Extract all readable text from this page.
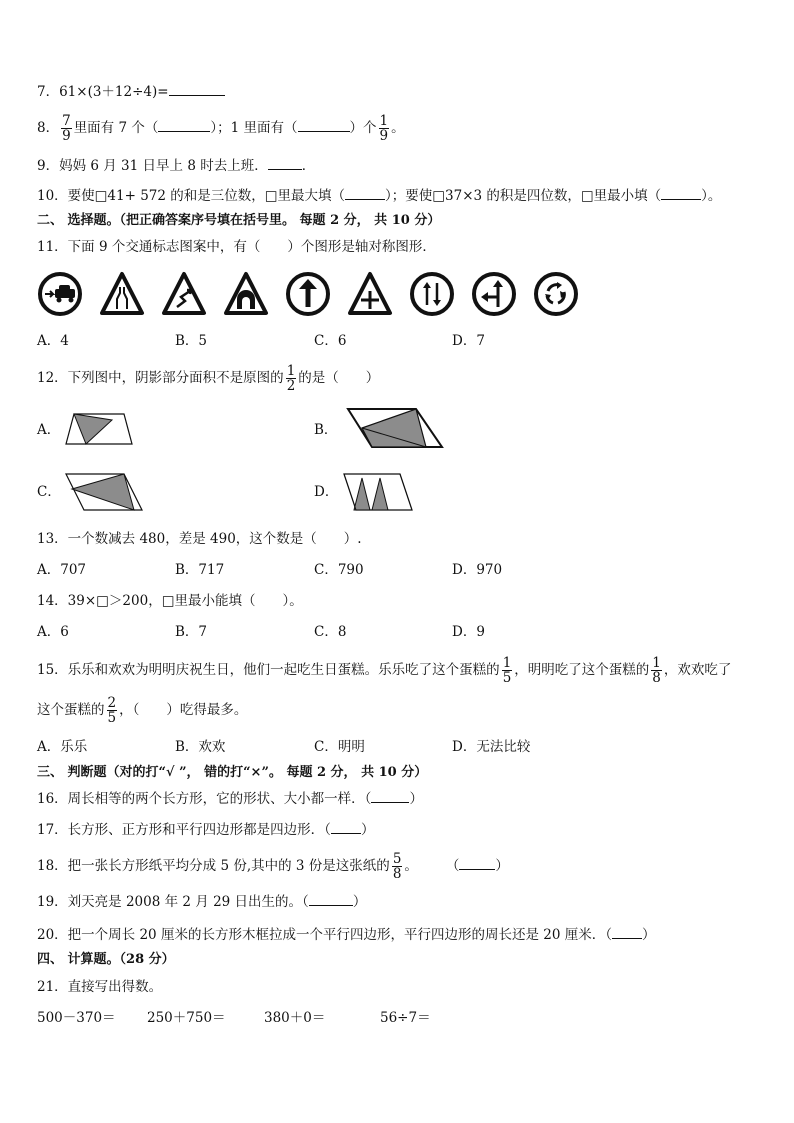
7．61×(3＋12÷4)=
8． $\frac{7}{9}$ 里面有 7 个（	）；1 里面有（	）个 $\frac{1}{9}$ 。
9．妈妈 6 月 31 日早上 8 时去上班．	．
10．要使□41+ 572 的和是三位数，□里最大填（	）；要使□37×3 的积是四位数，□里最小填（	）。
二、 选择题。（把正确答案序号填在括号里。 每题 2 分， 共 10 分）
11．下面 9 个交通标志图案中，有（　　）个图形是轴对称图形．
A．4	B．5	C．6	D．7
12．下列图中，阴影部分面积不是原图的 $\frac{1}{2}$ 的是（　　）
A．	B．
C．	D．
13．一个数减去 480，差是 490，这个数是（　　）.
A．707	B．717	C．790	D．970
14．39×□＞200，□里最小能填（　　）。
A．6	B．7	C．8	D．9
15．乐乐和欢欢为明明庆祝生日，他们一起吃生日蛋糕。乐乐吃了这个蛋糕的 $\frac{1}{5}$ ，明明吃了这个蛋糕的 $\frac{1}{8}$ ，欢欢吃了
这个蛋糕的 $\frac{2}{5}$ ，（　　）吃得最多。
A．乐乐	B．欢欢	C．明明	D．无法比较
三、 判断题（对的打“√ ”， 错的打“×”。 每题 2 分， 共 10 分）
16．周长相等的两个长方形，它的形状、大小都一样．（	）
17．长方形、正方形和平行四边形都是四边形．（ ）
18．把一张长方形纸平均分成 5 份,其中的 3 份是这张纸的 $\frac{5}{8}$ 。 （	）
19．刘天亮是 2008 年 2 月 29 日出生的。（	）
20．把一个周长 20 厘米的长方形木框拉成一个平行四边形，平行四边形的周长还是 20 厘米．（ ）
四、 计算题。（28 分）
21．直接写出得数。
500－370＝ 250＋750＝	380＋0＝	56÷7＝
